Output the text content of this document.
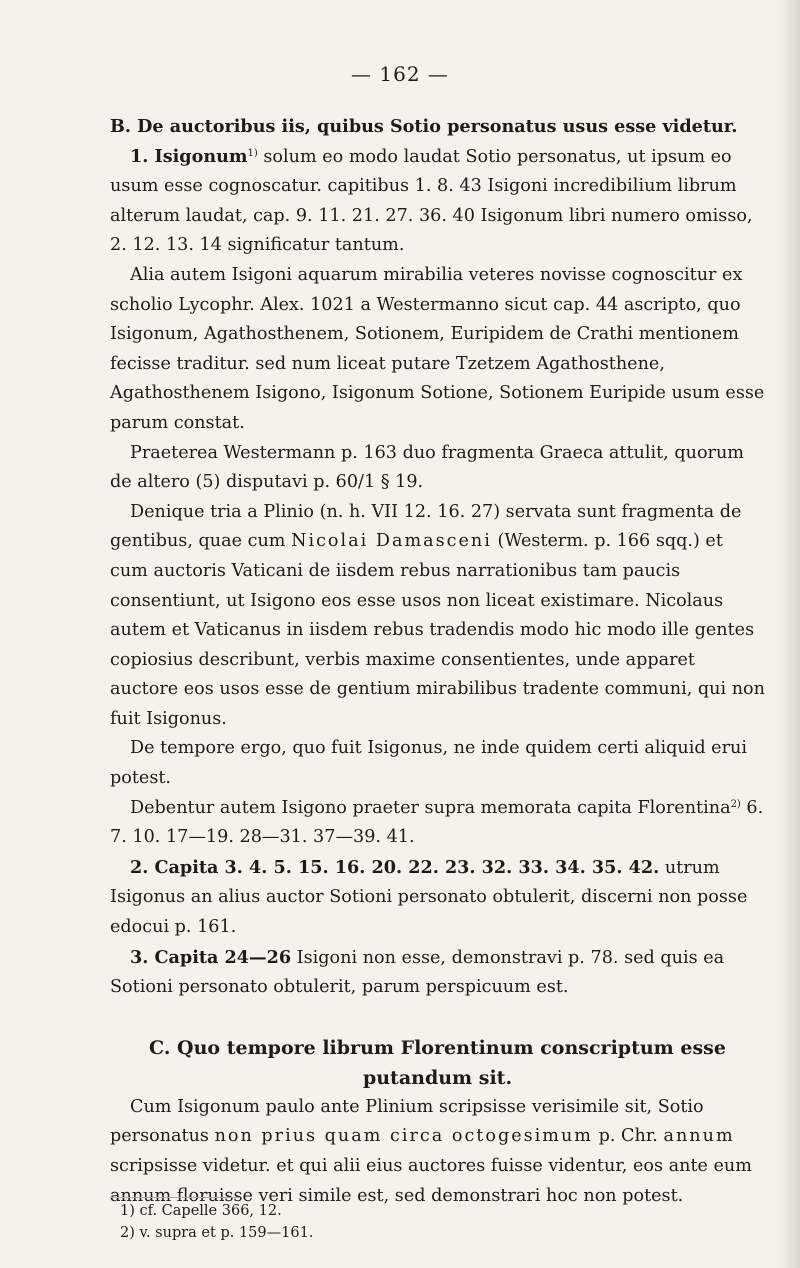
— 162 —

B. De auctoribus iis, quibus Sotio personatus usus esse videtur.

1. Isigonum$^{1)}$ solum eo modo laudat Sotio personatus, ut ipsum eo usum esse cognoscatur. capitibus 1. 8. 43 Isigoni incredibilium librum alterum laudat, cap. 9. 11. 21. 27. 36. 40 Isigonum libri numero omisso, 2. 12. 13. 14 significatur tantum.

Alia autem Isigoni aquarum mirabilia veteres novisse cognoscitur ex scholio Lycophr. Alex. 1021 a Westermanno sicut cap. 44 ascripto, quo Isigonum, Agathosthenem, Sotionem, Euripidem de Crathi mentionem fecisse traditur. sed num liceat putare Tzetzem Agathosthene, Agathosthenem Isigono, Isigonum Sotione, Sotionem Euripide usum esse parum constat.

Praeterea Westermann p. 163 duo fragmenta Graeca attulit, quorum de altero (5) disputavi p. 60/1 § 19.

Denique tria a Plinio (n. h. VII 12. 16. 27) servata sunt fragmenta de gentibus, quae cum Nicolai Damasceni (Westerm. p. 166 sqq.) et cum auctoris Vaticani de iisdem rebus narrationibus tam paucis consentiunt, ut Isigono eos esse usos non liceat existimare. Nicolaus autem et Vaticanus in iisdem rebus tradendis modo hic modo ille gentes copiosius describunt, verbis maxime consentientes, unde apparet auctore eos usos esse de gentium mirabilibus tradente communi, qui non fuit Isigonus.

De tempore ergo, quo fuit Isigonus, ne inde quidem certi aliquid erui potest.

Debentur autem Isigono praeter supra memorata capita Florentina$^{2)}$ 6. 7. 10. 17—19. 28—31. 37—39. 41.

2. Capita 3. 4. 5. 15. 16. 20. 22. 23. 32. 33. 34. 35. 42. utrum Isigonus an alius auctor Sotioni personato obtulerit, discerni non posse edocui p. 161.

3. Capita 24—26 Isigoni non esse, demonstravi p. 78. sed quis ea Sotioni personato obtulerit, parum perspicuum est.

C. Quo tempore librum Florentinum conscriptum esse putandum sit.

Cum Isigonum paulo ante Plinium scripsisse verisimile sit, Sotio personatus non prius quam circa octogesimum p. Chr. annum scripsisse videtur. et qui alii eius auctores fuisse videntur, eos ante eum annum floruisse veri simile est, sed demonstrari hoc non potest.

1) cf. Capelle 366, 12.

2) v. supra et p. 159—161.
